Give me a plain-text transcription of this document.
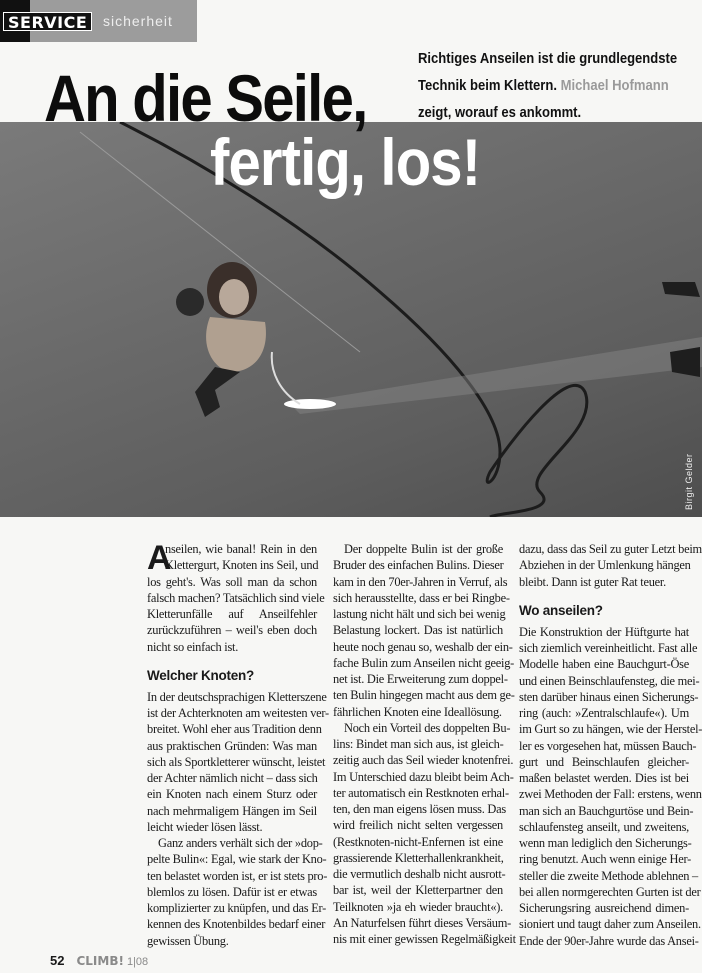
SERVICE	sicherheit
Richtiges Anseilen ist die grundlegendste
Technik beim Klettern. Michael Hofmann
zeigt, worauf es ankommt.
Birgit Gelder
An die Seile,
fertig, los!
A
nseilen, wie banal! Rein in den
Klettergurt, Knoten ins Seil, und
los geht's. Was soll man da schon
falsch machen? Tatsächlich sind viele
Kletterunfälle auf Anseilfehler
zurückzuführen – weil's eben doch
nicht so einfach ist.
Welcher Knoten?
In der deutschsprachigen Kletterszene
ist der Achterknoten am weitesten ver-
breitet. Wohl eher aus Tradition denn
aus praktischen Gründen: Was man
sich als Sportkletterer wünscht, leistet
der Achter nämlich nicht – dass sich
ein Knoten nach einem Sturz oder
nach mehrmaligem Hängen im Seil
leicht wieder lösen lässt.
Ganz anders verhält sich der »dop-
pelte Bulin«: Egal, wie stark der Kno-
ten belastet worden ist, er ist stets pro-
blemlos zu lösen. Dafür ist er etwas
komplizierter zu knüpfen, und das Er-
kennen des Knotenbildes bedarf einer
gewissen Übung.
Der doppelte Bulin ist der große
Bruder des einfachen Bulins. Dieser
kam in den 70er-Jahren in Verruf, als
sich herausstellte, dass er bei Ringbe-
lastung nicht hält und sich bei wenig
Belastung lockert. Das ist natürlich
heute noch genau so, weshalb der ein-
fache Bulin zum Anseilen nicht geeig-
net ist. Die Erweiterung zum doppel-
ten Bulin hingegen macht aus dem ge-
fährlichen Knoten eine Ideallösung.
Noch ein Vorteil des doppelten Bu-
lins: Bindet man sich aus, ist gleich-
zeitig auch das Seil wieder knotenfrei.
Im Unterschied dazu bleibt beim Ach-
ter automatisch ein Restknoten erhal-
ten, den man eigens lösen muss. Das
wird freilich nicht selten vergessen
(Restknoten-nicht-Enfernen ist eine
grassierende Kletterhallenkrankheit,
die vermutlich deshalb nicht ausrott-
bar ist, weil der Kletterpartner den
Teilknoten »ja eh wieder braucht«).
An Naturfelsen führt dieses Versäum-
nis mit einer gewissen Regelmäßigkeit
dazu, dass das Seil zu guter Letzt beim
Abziehen in der Umlenkung hängen
bleibt. Dann ist guter Rat teuer.
Wo anseilen?
Die Konstruktion der Hüftgurte hat
sich ziemlich vereinheitlicht. Fast alle
Modelle haben eine Bauchgurt-Öse
und einen Beinschlaufensteg, die mei-
sten darüber hinaus einen Sicherungs-
ring (auch: »Zentralschlaufe«). Um
im Gurt so zu hängen, wie der Herstel-
ler es vorgesehen hat, müssen Bauch-
gurt und Beinschlaufen gleicher-
maßen belastet werden. Dies ist bei
zwei Methoden der Fall: erstens, wenn
man sich an Bauchgurtöse und Bein-
schlaufensteg anseilt, und zweitens,
wenn man lediglich den Sicherungs-
ring benutzt. Auch wenn einige Her-
steller die zweite Methode ablehnen –
bei allen normgerechten Gurten ist der
Sicherungsring ausreichend dimen-
sioniert und taugt daher zum Anseilen.
Ende der 90er-Jahre wurde das Ansei-
52 CLIMB! 1|08
